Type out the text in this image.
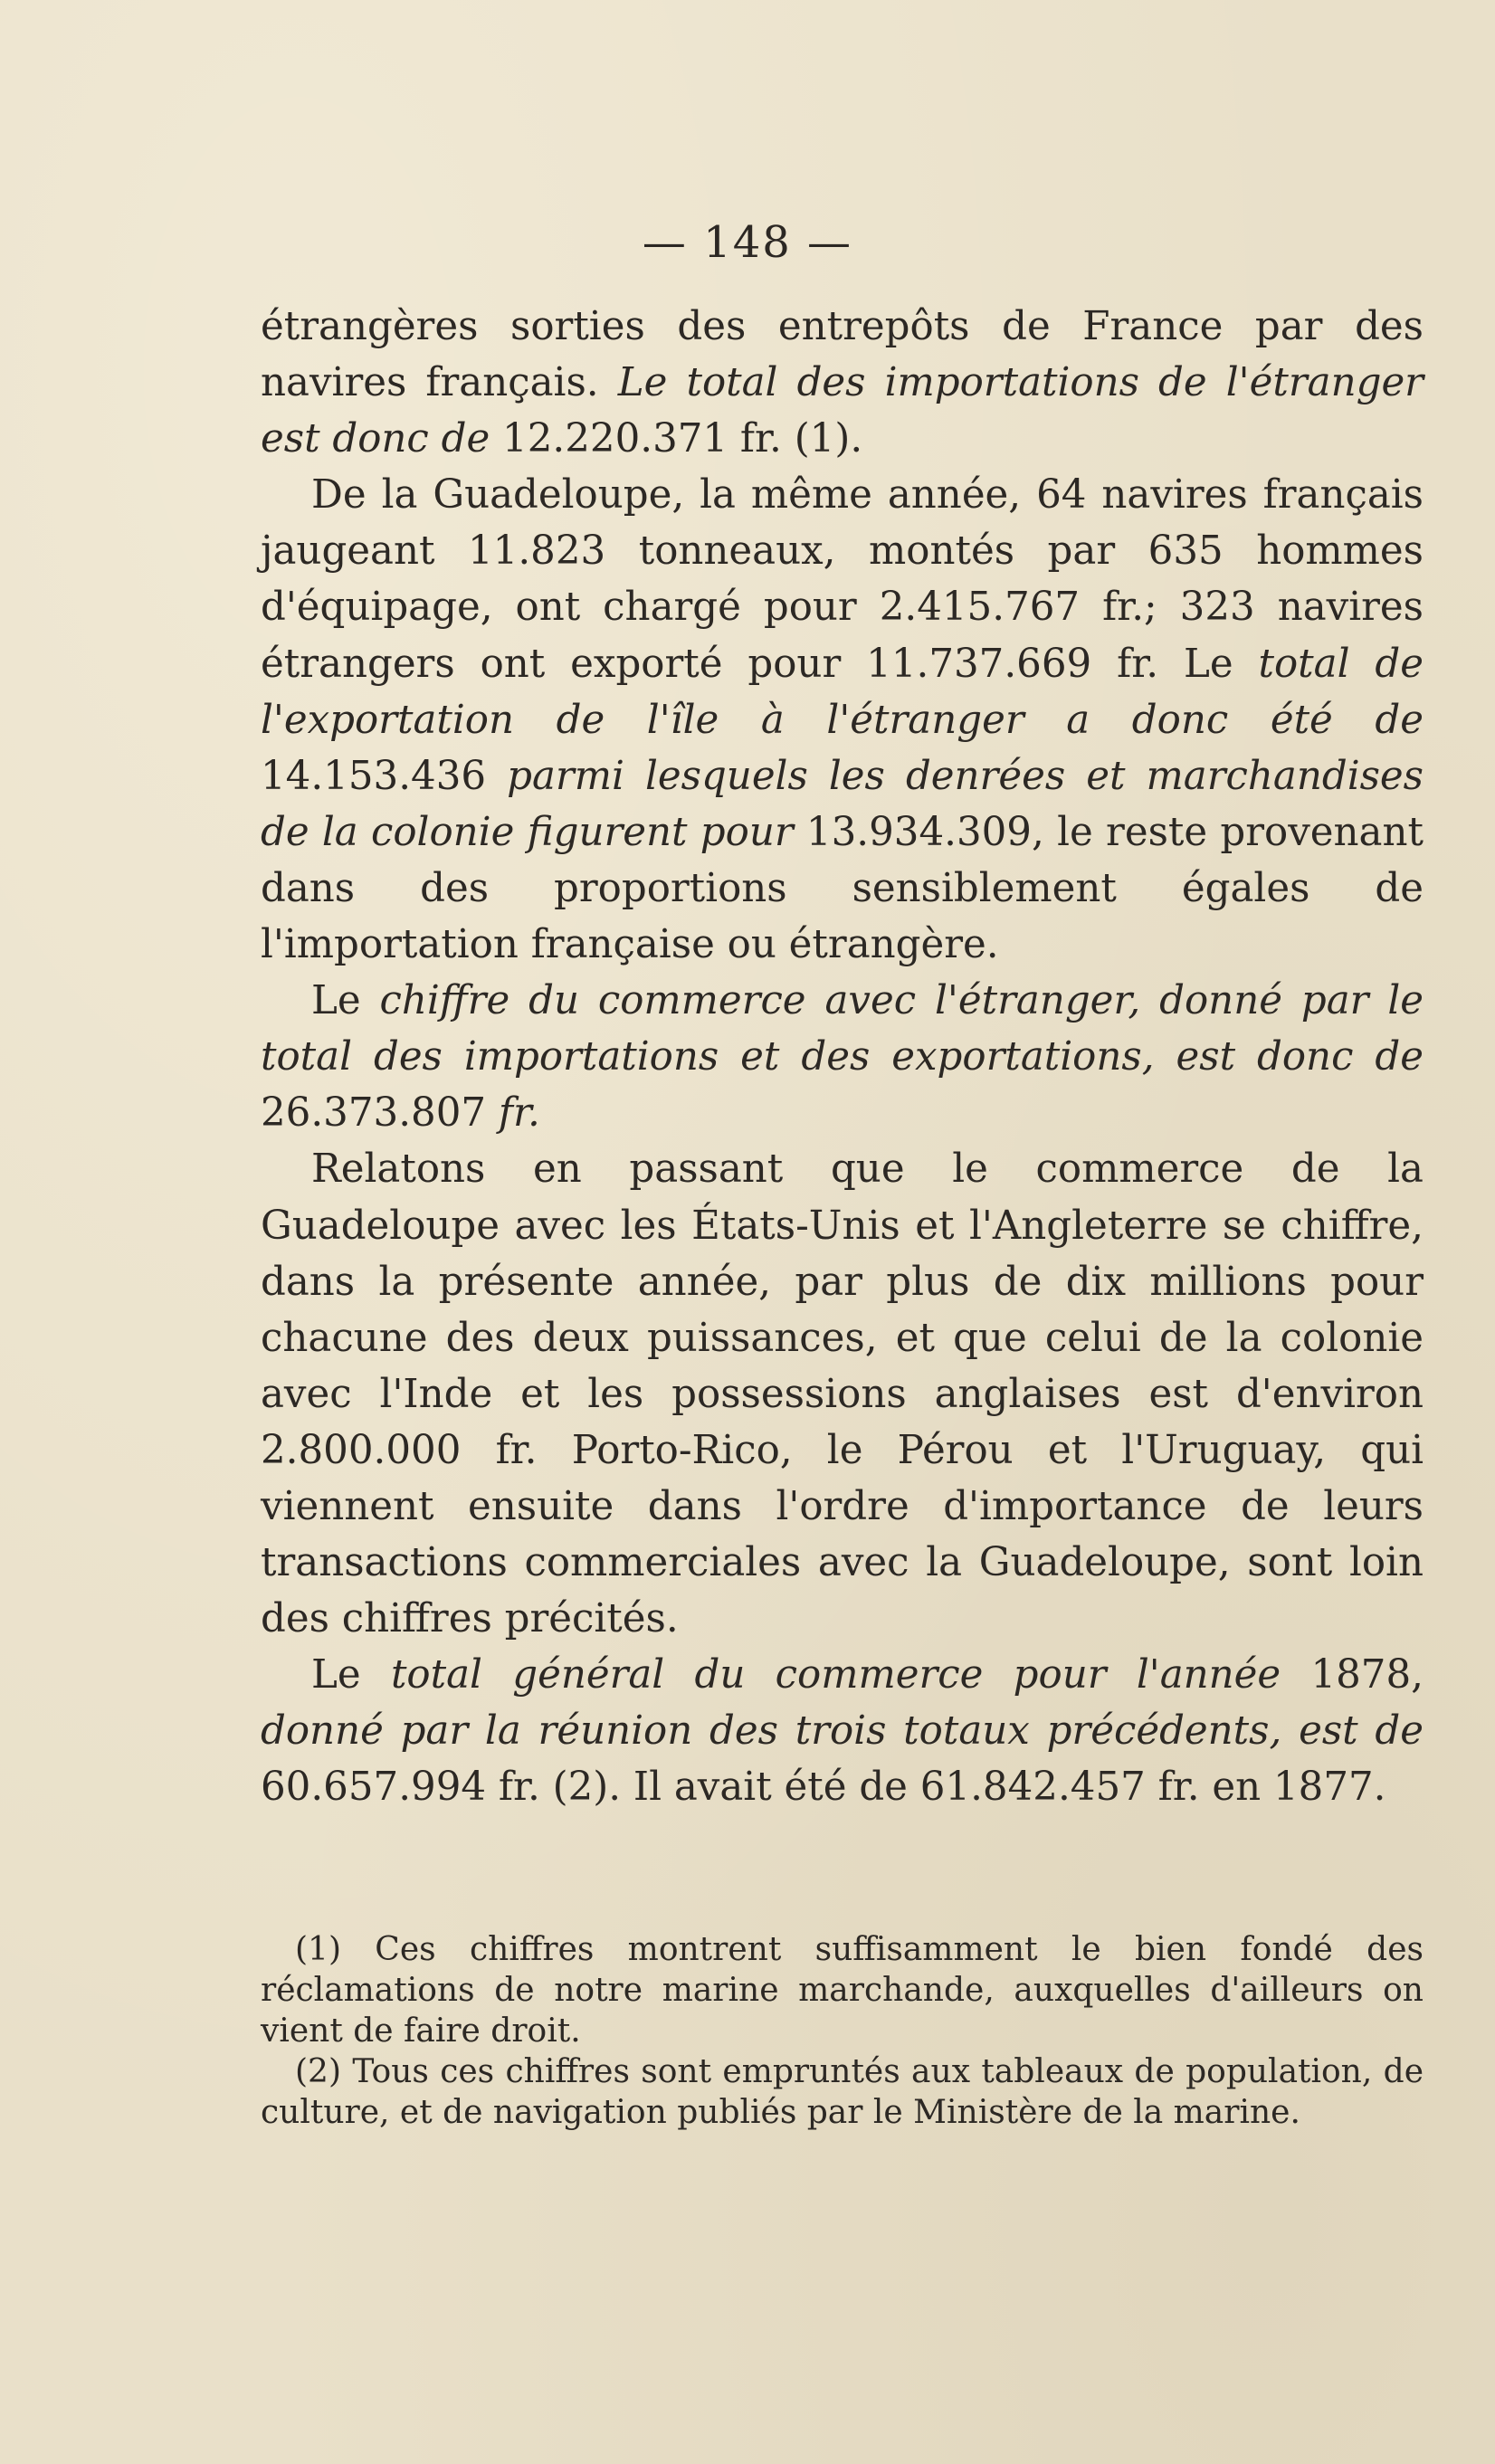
— 148 —

étrangères sorties des entrepôts de France par des navires français. Le total des importations de l'étranger est donc de 12.220.371 fr. (1).

De la Guadeloupe, la même année, 64 navires français jaugeant 11.823 tonneaux, montés par 635 hommes d'équipage, ont chargé pour 2.415.767 fr.; 323 navires étrangers ont exporté pour 11.737.669 fr. Le total de l'exportation de l'île à l'étranger a donc été de 14.153.436 parmi lesquels les denrées et marchandises de la colonie figurent pour 13.934.309, le reste provenant dans des proportions sensiblement égales de l'importation française ou étrangère.

Le chiffre du commerce avec l'étranger, donné par le total des importations et des exportations, est donc de 26.373.807 fr.

Relatons en passant que le commerce de la Guadeloupe avec les États-Unis et l'Angleterre se chiffre, dans la présente année, par plus de dix millions pour chacune des deux puissances, et que celui de la colonie avec l'Inde et les possessions anglaises est d'environ 2.800.000 fr. Porto-Rico, le Pérou et l'Uruguay, qui viennent ensuite dans l'ordre d'importance de leurs transactions commerciales avec la Guadeloupe, sont loin des chiffres précités.

Le total général du commerce pour l'année 1878, donné par la réunion des trois totaux précédents, est de 60.657.994 fr. (2). Il avait été de 61.842.457 fr. en 1877.

(1) Ces chiffres montrent suffisamment le bien fondé des réclamations de notre marine marchande, auxquelles d'ailleurs on vient de faire droit.

(2) Tous ces chiffres sont empruntés aux tableaux de population, de culture, et de navigation publiés par le Ministère de la marine.
